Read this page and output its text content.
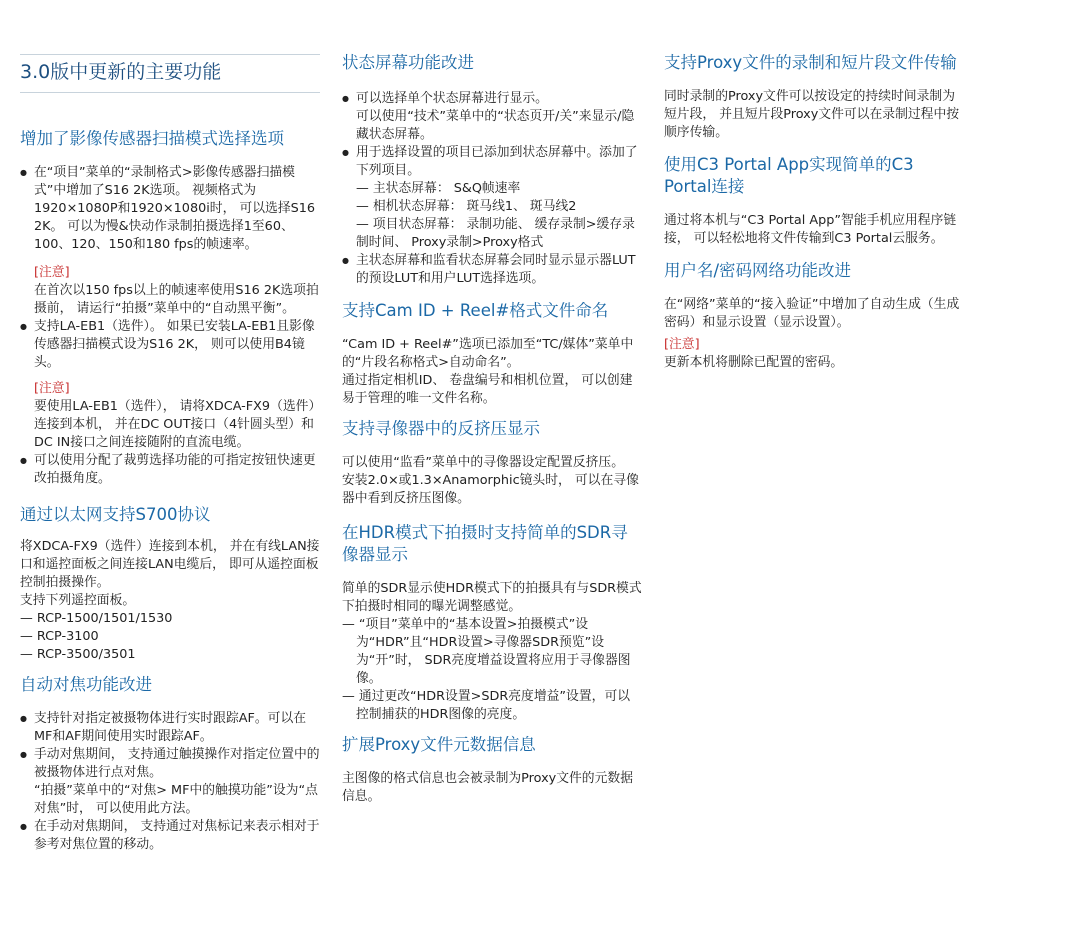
3.0版中更新的主要功能
增加了影像传感器扫描模式选择选项
● 在“项目”菜单的“录制格式>影像传感器扫描模式”中增加了S16 2K选项。 视频格式为1920×1080P和1920×1080i时， 可以选择S16 2K。 可以为慢&快动作录制拍摄选择1至60、100、120、150和180 fps的帧速率。
[注意]
在首次以150 fps以上的帧速率使用S16 2K选项拍摄前， 请运行“拍摄”菜单中的“自动黑平衡”。
● 支持LA-EB1（选件）。 如果已安装LA-EB1且影像传感器扫描模式设为S16 2K， 则可以使用B4镜头。
[注意]
要使用LA-EB1（选件）， 请将XDCA-FX9（选件）连接到本机， 并在DC OUT接口（4针圆头型）和DC IN接口之间连接随附的直流电缆。
● 可以使用分配了裁剪选择功能的可指定按钮快速更改拍摄角度。
通过以太网支持S700协议

将XDCA-FX9（选件）连接到本机， 并在有线LAN接口和遥控面板之间连接LAN电缆后， 即可从遥控面板控制拍摄操作。

支持下列遥控面板。

— RCP-1500/1501/1530

— RCP-3100

— RCP-3500/3501

自动对焦功能改进
● 支持针对指定被摄物体进行实时跟踪AF。可以在MF和AF期间使用实时跟踪AF。
● 手动对焦期间， 支持通过触摸操作对指定位置中的被摄物体进行点对焦。
“拍摄”菜单中的“对焦> MF中的触摸功能”设为“点对焦”时， 可以使用此方法。
● 在手动对焦期间， 支持通过对焦标记来表示相对于参考对焦位置的移动。
状态屏幕功能改进
● 可以选择单个状态屏幕进行显示。
可以使用“技术”菜单中的“状态页开/关”来显示/隐藏状态屏幕。
● 用于选择设置的项目已添加到状态屏幕中。添加了下列项目。
— 主状态屏幕： S&Q帧速率
— 相机状态屏幕： 斑马线1、 斑马线2
— 项目状态屏幕： 录制功能、 缓存录制>缓存录制时间、 Proxy录制>Proxy格式
● 主状态屏幕和监看状态屏幕会同时显示显示器LUT的预设LUT和用户LUT选择选项。
支持Cam ID + Reel#格式文件命名

“Cam ID + Reel#”选项已添加至“TC/媒体”菜单中的“片段名称格式>自动命名”。

通过指定相机ID、 卷盘编号和相机位置， 可以创建易于管理的唯一文件名称。

支持寻像器中的反挤压显示

可以使用“监看”菜单中的寻像器设定配置反挤压。

安装2.0×或1.3×Anamorphic镜头时， 可以在寻像器中看到反挤压图像。

在HDR模式下拍摄时支持简单的SDR寻像器显示

简单的SDR显示使HDR模式下的拍摄具有与SDR模式下拍摄时相同的曝光调整感觉。

— “项目”菜单中的“基本设置>拍摄模式”设为“HDR”且“HDR设置>寻像器SDR预览”设为“开”时， SDR亮度增益设置将应用于寻像器图像。

— 通过更改“HDR设置>SDR亮度增益”设置，可以控制捕获的HDR图像的亮度。

扩展Proxy文件元数据信息

主图像的格式信息也会被录制为Proxy文件的元数据信息。

支持Proxy文件的录制和短片段文件传输

同时录制的Proxy文件可以按设定的持续时间录制为短片段， 并且短片段Proxy文件可以在录制过程中按顺序传输。

使用C3 Portal App实现简单的C3 Portal连接

通过将本机与“C3 Portal App”智能手机应用程序链接， 可以轻松地将文件传输到C3 Portal云服务。

用户名/密码网络功能改进

在“网络”菜单的“接入验证”中增加了自动生成（生成密码）和显示设置（显示设置）。

[注意]

更新本机将删除已配置的密码。
